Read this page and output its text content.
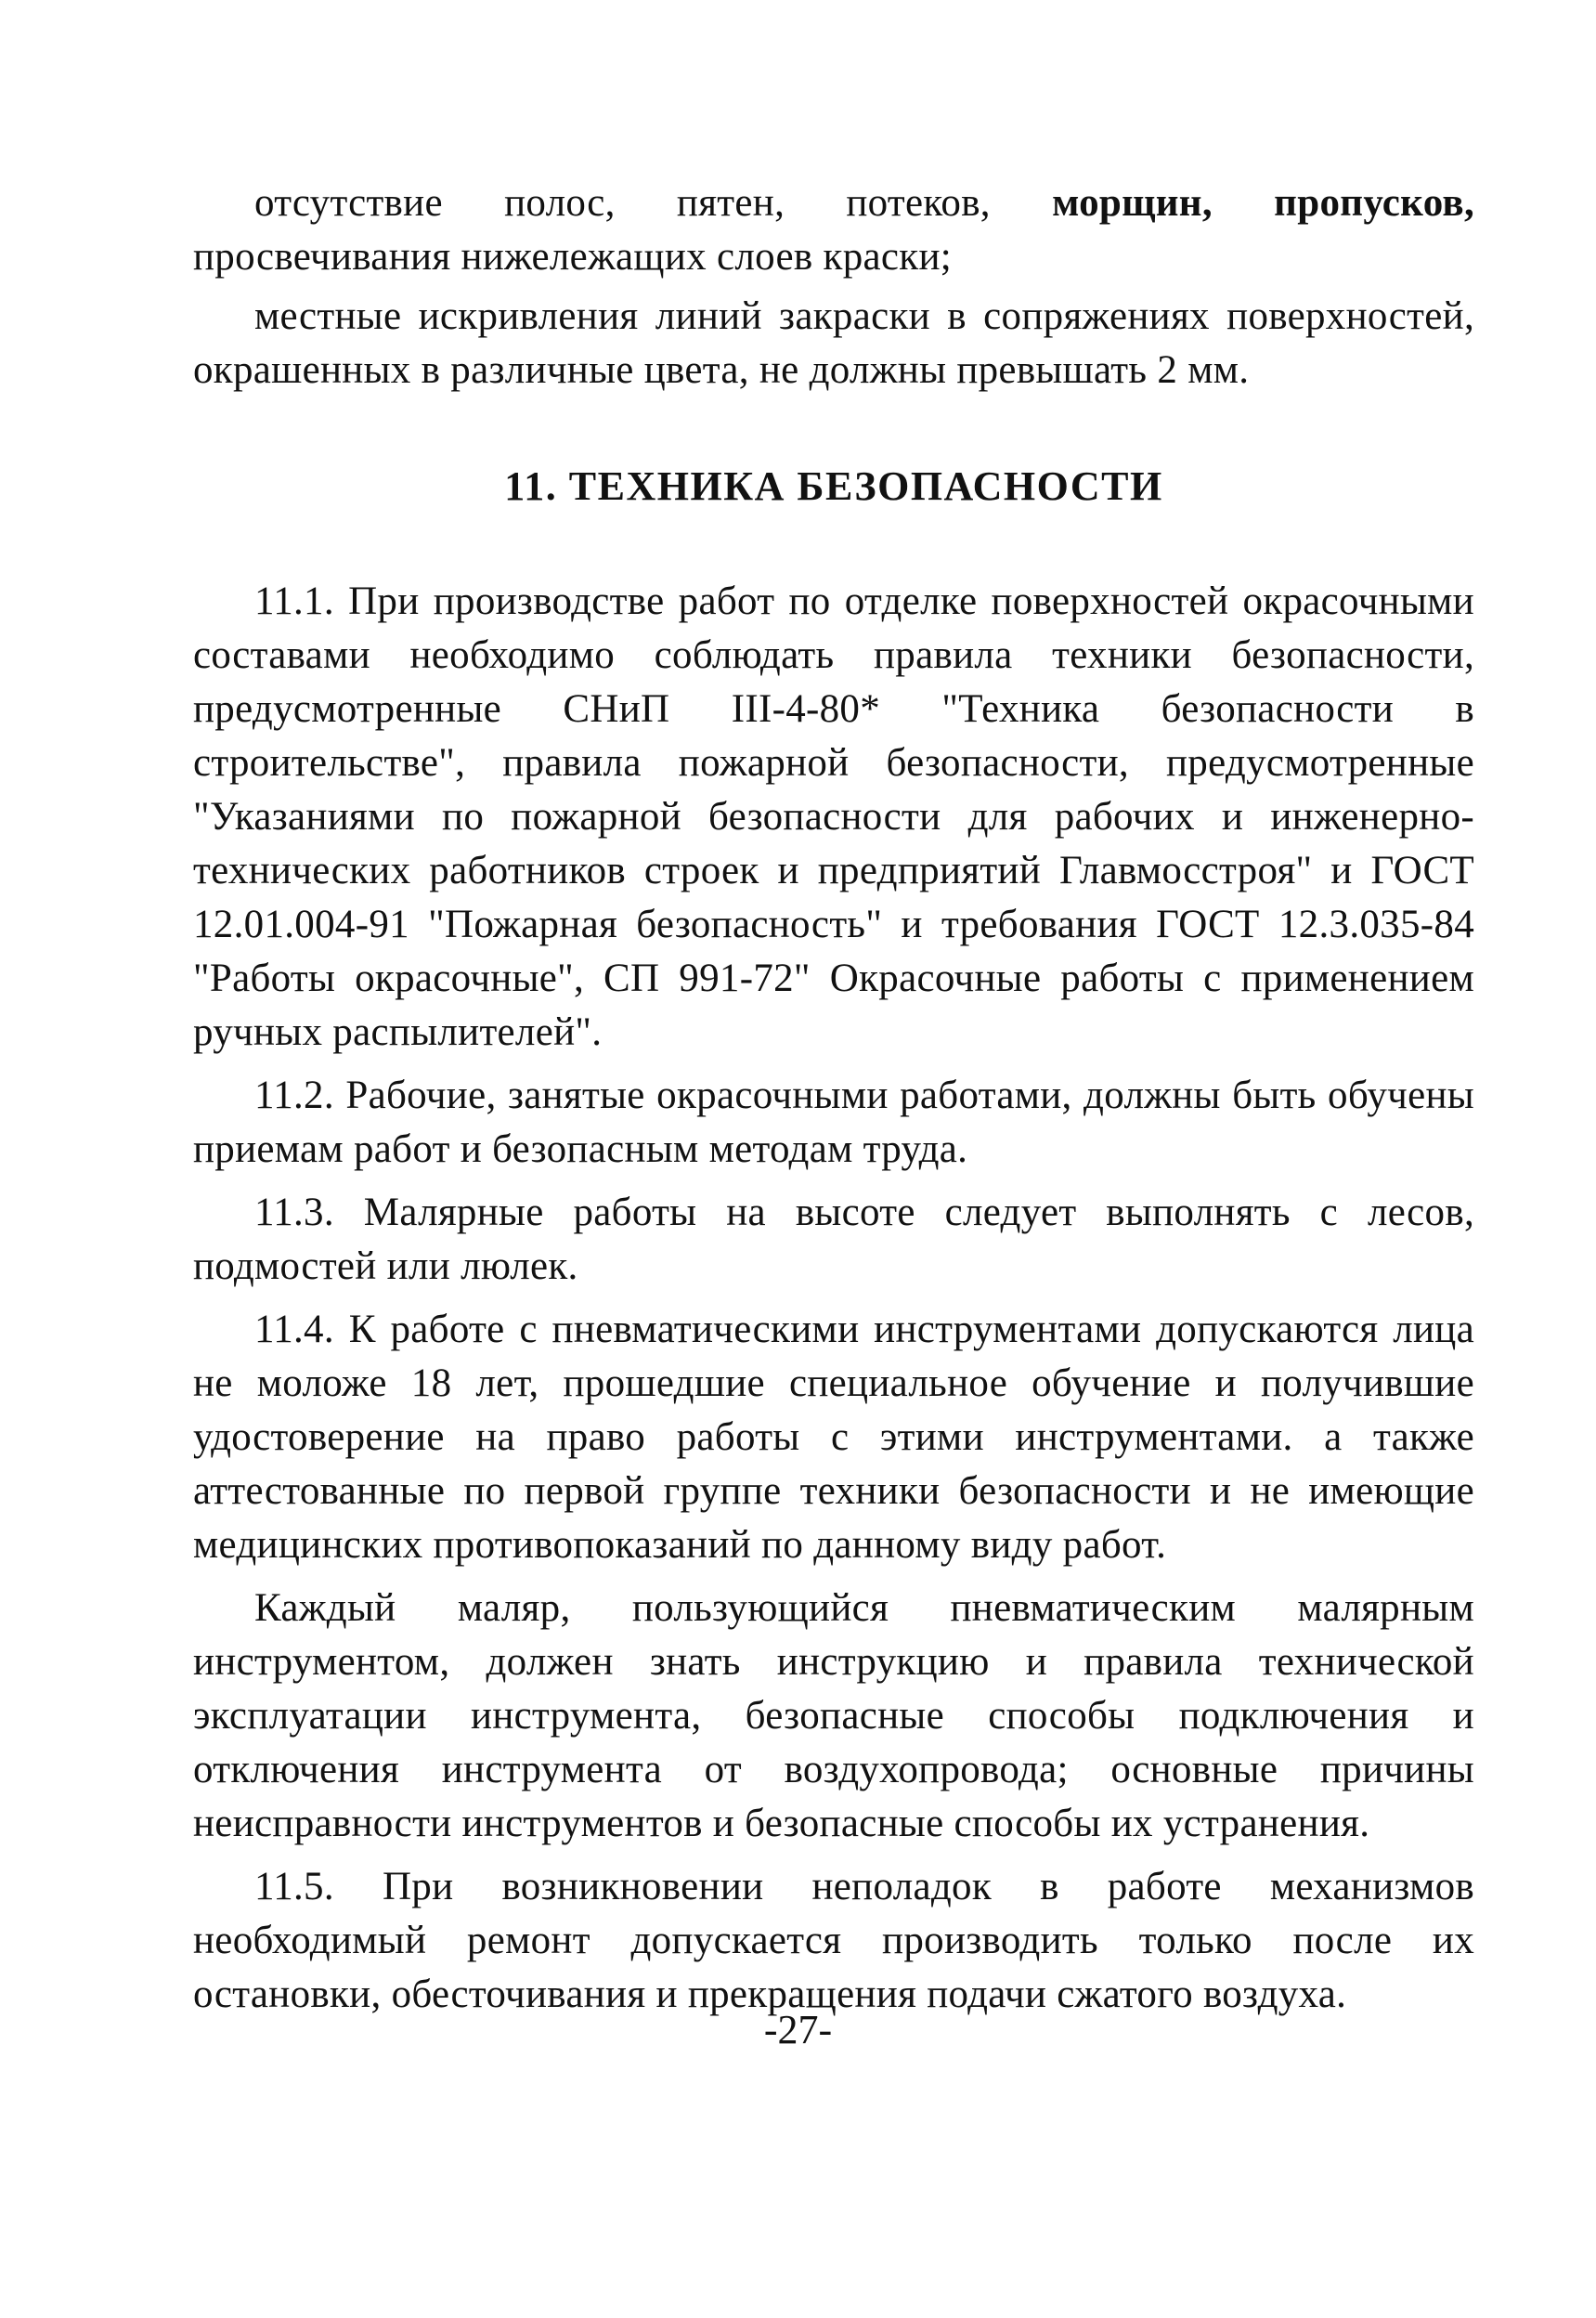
отсутствие полос, пятен, потеков, морщин, пропусков, просвечивания нижележащих слоев краски;

местные искривления линий закраски в сопряжениях поверхностей, окрашенных в различные цвета, не должны превышать 2 мм.

11. ТЕХНИКА БЕЗОПАСНОСТИ

11.1. При производстве работ по отделке поверхностей окрасочными составами необходимо соблюдать правила техники безопасности, предусмотренные СНиП III-4-80* "Техника безопасности в строительстве", правила пожарной безопасности, предусмотренные "Указаниями по пожарной безопасности для рабочих и инженерно-технических работников строек и предприятий Главмосстроя" и ГОСТ 12.01.004-91 "Пожарная безопасность" и требования ГОСТ 12.3.035-84 "Работы окрасочные", СП 991-72" Окрасочные работы с применением ручных распылителей".

11.2. Рабочие, занятые окрасочными работами, должны быть обучены приемам работ и безопасным методам труда.

11.3. Малярные работы на высоте следует выполнять с лесов, подмостей или люлек.

11.4. К работе с пневматическими инструментами допускаются лица не моложе 18 лет, прошедшие специальное обучение и получившие удостоверение на право работы с этими инструментами. а также аттестованные по первой группе техники безопасности и не имеющие медицинских противопоказаний по данному виду работ.

Каждый маляр, пользующийся пневматическим малярным инструментом, должен знать инструкцию и правила технической эксплуатации инструмента, безопасные способы подключения и отключения инструмента от воздухопровода; основные причины неисправности инструментов и безопасные способы их устранения.

11.5. При возникновении неполадок в работе механизмов необходимый ремонт допускается производить только после их остановки, обесточивания и прекращения подачи сжатого воздуха.

-27-
